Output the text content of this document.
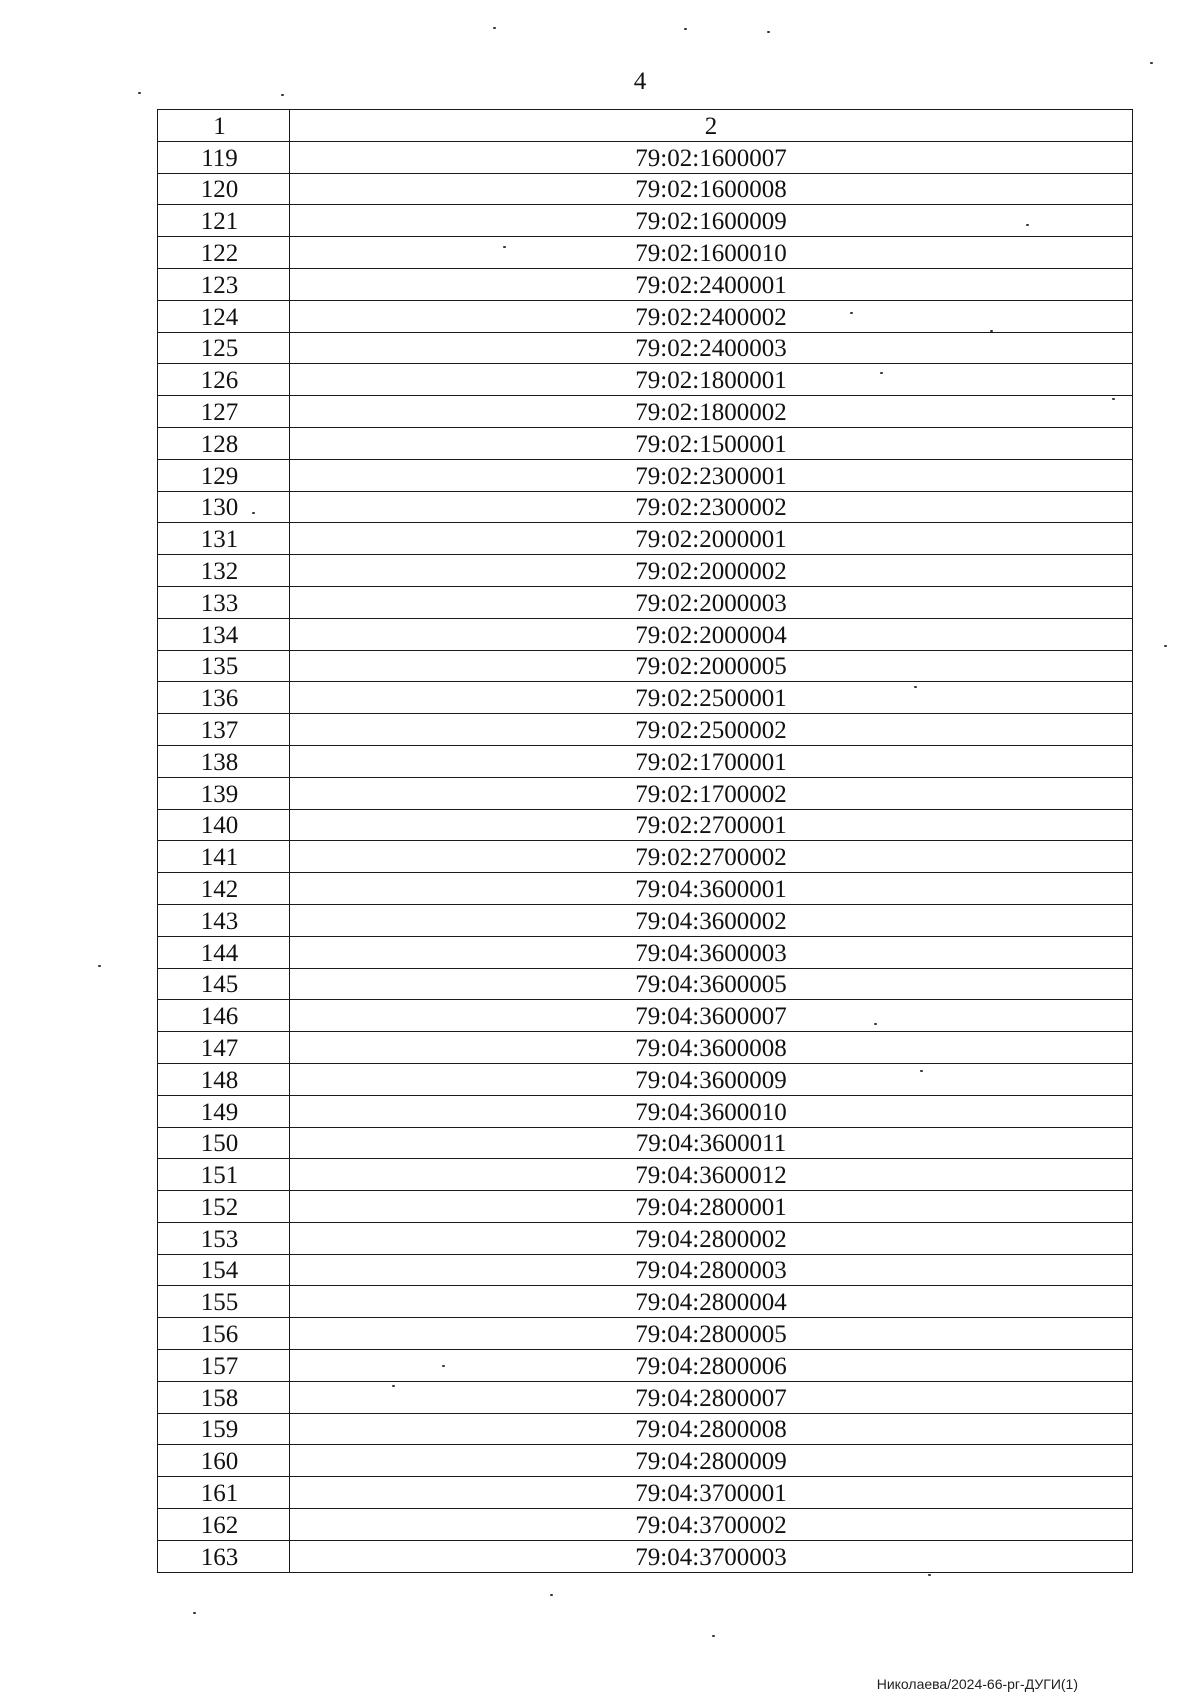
4
1	2
119	79:02:1600007
120	79:02:1600008
121	79:02:1600009
122	79:02:1600010
123	79:02:2400001
124	79:02:2400002
125	79:02:2400003
126	79:02:1800001
127	79:02:1800002
128	79:02:1500001
129	79:02:2300001
130	79:02:2300002
131	79:02:2000001
132	79:02:2000002
133	79:02:2000003
134	79:02:2000004
135	79:02:2000005
136	79:02:2500001
137	79:02:2500002
138	79:02:1700001
139	79:02:1700002
140	79:02:2700001
141	79:02:2700002
142	79:04:3600001
143	79:04:3600002
144	79:04:3600003
145	79:04:3600005
146	79:04:3600007
147	79:04:3600008
148	79:04:3600009
149	79:04:3600010
150	79:04:3600011
151	79:04:3600012
152	79:04:2800001
153	79:04:2800002
154	79:04:2800003
155	79:04:2800004
156	79:04:2800005
157	79:04:2800006
158	79:04:2800007
159	79:04:2800008
160	79:04:2800009
161	79:04:3700001
162	79:04:3700002
163	79:04:3700003
Николаева/2024-66-рг-ДУГИ(1)
